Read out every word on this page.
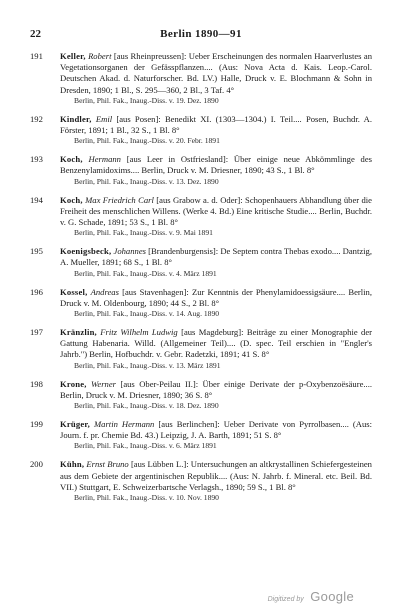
22	Berlin 1890—91
191	Keller, Robert [aus Rheinpreussen]: Ueber Erscheinungen des normalen Haarverlustes an Vegetationsorganen der Gefässpflanzen.... (Aus: Nova Acta d. Kais. Leop.-Carol. Deutschen Akad. d. Naturforscher. Bd. LV.) Halle, Druck v. E. Blochmann & Sohn in Dresden, 1890; 1 Bl., S. 295—360, 2 Bl., 3 Taf. 4°
Berlin, Phil. Fak., Inaug.-Diss. v. 19. Dez. 1890
192	Kindler, Emil [aus Posen]: Benedikt XI. (1303—1304.) I. Teil.... Posen, Buchdr. A. Förster, 1891; 1 Bl., 32 S., 1 Bl. 8°
Berlin, Phil. Fak., Inaug.-Diss. v. 20. Febr. 1891
193	Koch, Hermann [aus Leer in Ostfriesland]: Über einige neue Abkömmlinge des Benzenylamidoxims.... Berlin, Druck v. M. Driesner, 1890; 43 S., 1 Bl. 8°
Berlin, Phil. Fak., Inaug.-Diss. v. 13. Dez. 1890
194	Koch, Max Friedrich Carl [aus Grabow a. d. Oder]: Schopenhauers Abhandlung über die Freiheit des menschlichen Willens. (Werke 4. Bd.) Eine kritische Studie.... Berlin, Buchdr. v. G. Schade, 1891; 53 S., 1 Bl. 8°
Berlin, Phil. Fak., Inaug.-Diss. v. 9. Mai 1891
195	Koenigsbeck, Johannes [Brandenburgensis]: De Septem contra Thebas exodo.... Dantzig, A. Mueller, 1891; 68 S., 1 Bl. 8°
Berlin, Phil. Fak., Inaug.-Diss. v. 4. März 1891
196	Kossel, Andreas [aus Stavenhagen]: Zur Kenntnis der Phenylamidoessigsäure.... Berlin, Druck v. M. Oldenbourg, 1890; 44 S., 2 Bl. 8°
Berlin, Phil. Fak., Inaug.-Diss. v. 14. Aug. 1890
197	Kränzlin, Fritz Wilhelm Ludwig [aus Magdeburg]: Beiträge zu einer Monographie der Gattung Habenaria. Willd. (Allgemeiner Teil).... (D. spec. Teil erschien in "Engler's Jahrb.") Berlin, Hofbuchdr. v. Gebr. Radetzki, 1891; 41 S. 8°
Berlin, Phil. Fak., Inaug.-Diss. v. 13. März 1891
198	Krone, Werner [aus Ober-Peilau II.]: Über einige Derivate der p-Oxybenzoësäure.... Berlin, Druck v. M. Driesner, 1890; 36 S. 8°
Berlin, Phil. Fak., Inaug.-Diss. v. 18. Dez. 1890
199	Krüger, Martin Hermann [aus Berlinchen]: Ueber Derivate von Pyrrolbasen.... (Aus: Journ. f. pr. Chemie Bd. 43.) Leipzig, J. A. Barth, 1891; 51 S. 8°
Berlin, Phil. Fak., Inaug.-Diss. v. 6. März 1891
200	Kühn, Ernst Bruno [aus Lübben L.]: Untersuchungen an altkrystallinen Schiefergesteinen aus dem Gebiete der argentinischen Republik.... (Aus: N. Jahrb. f. Mineral. etc. Beil. Bd. VII.) Stuttgart, E. Schweizerbartsche Verlagsh., 1890; 59 S., 1 Bl. 8°
Berlin, Phil. Fak., Inaug.-Diss. v. 10. Nov. 1890
Digitized by Google
